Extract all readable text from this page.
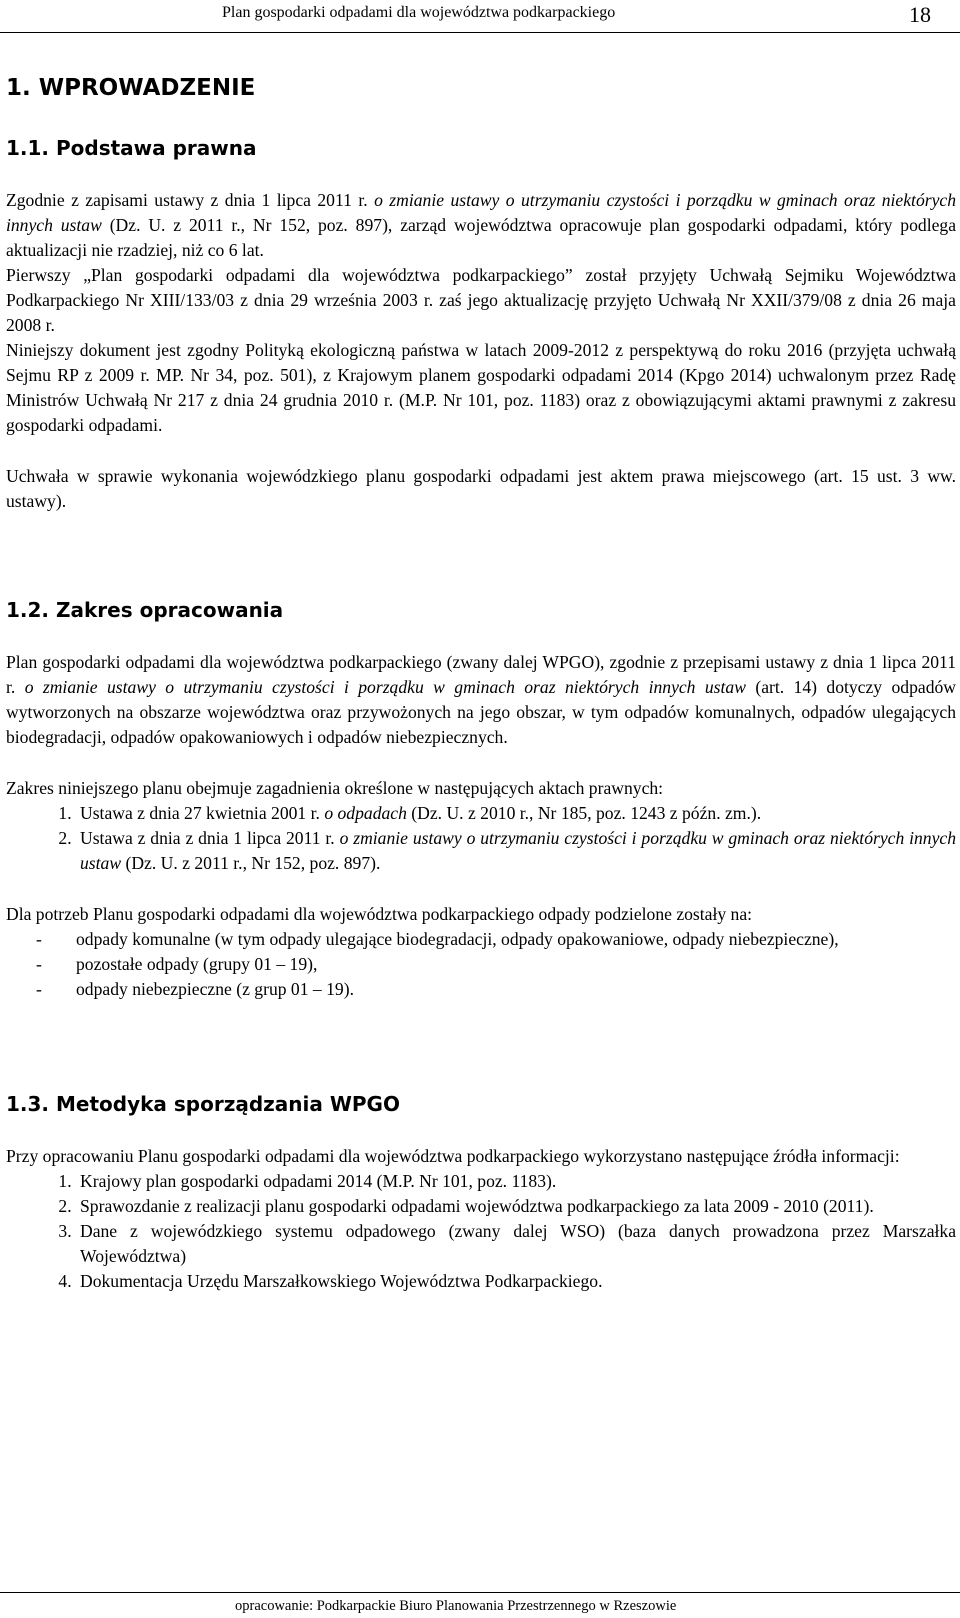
Plan gospodarki odpadami dla województwa podkarpackiego	18
1. WPROWADZENIE
1.1. Podstawa prawna

Zgodnie z zapisami ustawy z dnia 1 lipca 2011 r. o zmianie ustawy o utrzymaniu czystości i porządku w gminach oraz niektórych innych ustaw (Dz. U. z 2011 r., Nr 152, poz. 897), zarząd województwa opracowuje plan gospodarki odpadami, który podlega aktualizacji nie rzadziej, niż co 6 lat.

Pierwszy „Plan gospodarki odpadami dla województwa podkarpackiego” został przyjęty Uchwałą Sejmiku Województwa Podkarpackiego Nr XIII/133/03 z dnia 29 września 2003 r. zaś jego aktualizację przyjęto Uchwałą Nr XXII/379/08 z dnia 26 maja 2008 r.

Niniejszy dokument jest zgodny Polityką ekologiczną państwa w latach 2009-2012 z perspektywą do roku 2016 (przyjęta uchwałą Sejmu RP z 2009 r. MP. Nr 34, poz. 501), z Krajowym planem gospodarki odpadami 2014 (Kpgo 2014) uchwalonym przez Radę Ministrów Uchwałą Nr 217 z dnia 24 grudnia 2010 r. (M.P. Nr 101, poz. 1183) oraz z obowiązującymi aktami prawnymi z zakresu gospodarki odpadami.

Uchwała w sprawie wykonania wojewódzkiego planu gospodarki odpadami jest aktem prawa miejscowego (art. 15 ust. 3 ww. ustawy).

1.2. Zakres opracowania

Plan gospodarki odpadami dla województwa podkarpackiego (zwany dalej WPGO), zgodnie z przepisami ustawy z dnia 1 lipca 2011 r. o zmianie ustawy o utrzymaniu czystości i porządku w gminach oraz niektórych innych ustaw (art. 14) dotyczy odpadów wytworzonych na obszarze województwa oraz przywożonych na jego obszar, w tym odpadów komunalnych, odpadów ulegających biodegradacji, odpadów opakowaniowych i odpadów niebezpiecznych.

Zakres niniejszego planu obejmuje zagadnienia określone w następujących aktach prawnych:

1. Ustawa z dnia 27 kwietnia 2001 r. o odpadach (Dz. U. z 2010 r., Nr 185, poz. 1243 z późn. zm.).
2. Ustawa z dnia z dnia 1 lipca 2011 r. o zmianie ustawy o utrzymaniu czystości i porządku w gminach oraz niektórych innych ustaw (Dz. U. z 2011 r., Nr 152, poz. 897).

Dla potrzeb Planu gospodarki odpadami dla województwa podkarpackiego odpady podzielone zostały na:

- odpady komunalne (w tym odpady ulegające biodegradacji, odpady opakowaniowe, odpady niebezpieczne),
- pozostałe odpady (grupy 01 – 19),
- odpady niebezpieczne (z grup 01 – 19).
1.3. Metodyka sporządzania WPGO

Przy opracowaniu Planu gospodarki odpadami dla województwa podkarpackiego wykorzystano następujące źródła informacji:

1. Krajowy plan gospodarki odpadami 2014 (M.P. Nr 101, poz. 1183).
2. Sprawozdanie z realizacji planu gospodarki odpadami województwa podkarpackiego za lata 2009 - 2010 (2011).
3. Dane z wojewódzkiego systemu odpadowego (zwany dalej WSO) (baza danych prowadzona przez Marszałka Województwa)
4. Dokumentacja Urzędu Marszałkowskiego Województwa Podkarpackiego.
opracowanie: Podkarpackie Biuro Planowania Przestrzennego w Rzeszowie
